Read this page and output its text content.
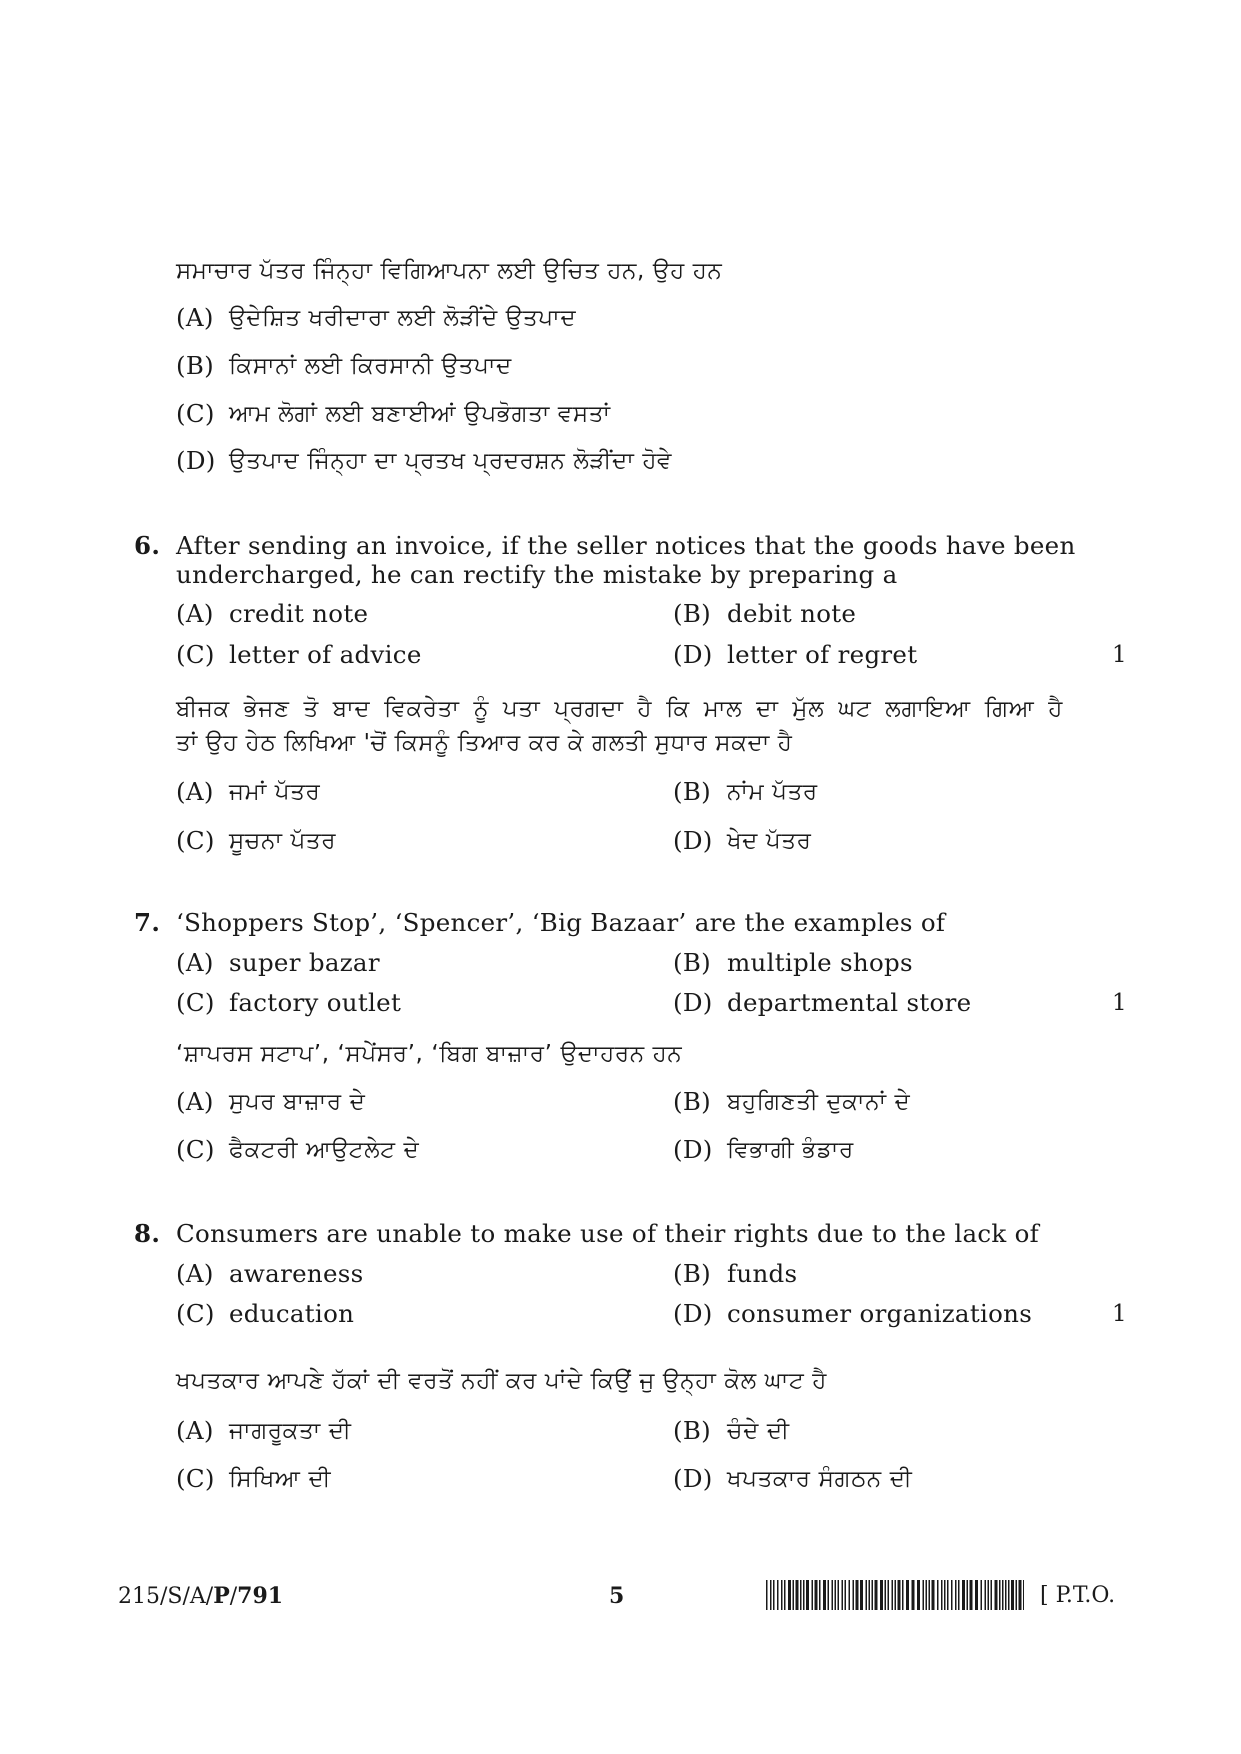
ਸਮਾਚਾਰ ਪੱਤਰ ਜਿੰਨ੍ਹਾ ਵਿਗਿਆਪਨਾ ਲਈ ਉਚਿਤ ਹਨ, ਉਹ ਹਨ
(A) ਉਦੇਸ਼ਿਤ ਖਰੀਦਾਰਾ ਲਈ ਲੋੜੀਂਦੇ ਉਤਪਾਦ
(B) ਕਿਸਾਨਾਂ ਲਈ ਕਿਰਸਾਨੀ ਉਤਪਾਦ
(C) ਆਮ ਲੋਗਾਂ ਲਈ ਬਣਾਈਆਂ ਉਪਭੋਗਤਾ ਵਸਤਾਂ
(D) ਉਤਪਾਦ ਜਿੰਨ੍ਹਾ ਦਾ ਪ੍ਰਤਖ ਪ੍ਰਦਰਸ਼ਨ ਲੋੜੀਂਦਾ ਹੋਵੇ
6. After sending an invoice, if the seller notices that the goods have been
undercharged, he can rectify the mistake by preparing a
(A) credit note	(B) debit note
(C) letter of advice	(D) letter of regret	1
ਬੀਜਕ ਭੇਜਣ ਤੋ ਬਾਦ ਵਿਕਰੇਤਾ ਨੂੰ ਪਤਾ ਪ੍ਰਗਦਾ ਹੈ ਕਿ ਮਾਲ ਦਾ ਮੁੱਲ ਘਟ ਲਗਾਇਆ ਗਿਆ ਹੈ
ਤਾਂ ਉਹ ਹੇਠ ਲਿਖਿਆ 'ਚੋਂ ਕਿਸਨੂੰ ਤਿਆਰ ਕਰ ਕੇ ਗਲਤੀ ਸੁਧਾਰ ਸਕਦਾ ਹੈ
(A) ਜਮਾਂ ਪੱਤਰ	(B) ਨਾਂਮ ਪੱਤਰ
(C) ਸੂਚਨਾ ਪੱਤਰ	(D) ਖੇਦ ਪੱਤਰ
7. ‘Shoppers Stop’, ‘Spencer’, ‘Big Bazaar’ are the examples of
(A) super bazar	(B) multiple shops
(C) factory outlet	(D) departmental store	1
‘ਸ਼ਾਪਰਸ ਸਟਾਪ’, ‘ਸਪੇਂਸਰ’, ‘ਬਿਗ ਬਾਜ਼ਾਰ’ ਉਦਾਹਰਨ ਹਨ
(A) ਸੁਪਰ ਬਾਜ਼ਾਰ ਦੇ	(B) ਬਹੁਗਿਣਤੀ ਦੁਕਾਨਾਂ ਦੇ
(C) ਫੈਕਟਰੀ ਆਉਟਲੇਟ ਦੇ	(D) ਵਿਭਾਗੀ ਭੰਡਾਰ
8. Consumers are unable to make use of their rights due to the lack of
(A) awareness	(B) funds
(C) education	(D) consumer organizations	1
ਖਪਤਕਾਰ ਆਪਣੇ ਹੱਕਾਂ ਦੀ ਵਰਤੋਂ ਨਹੀਂ ਕਰ ਪਾਂਦੇ ਕਿਉਂ ਜੁ ਉਨ੍ਹਾ ਕੋਲ ਘਾਟ ਹੈ
(A) ਜਾਗਰੂਕਤਾ ਦੀ	(B) ਚੰਦੇ ਦੀ
(C) ਸਿਖਿਆ ਦੀ	(D) ਖਪਤਕਾਰ ਸੰਗਠਨ ਦੀ
215/S/A/P/791	5	[ P.T.O.
